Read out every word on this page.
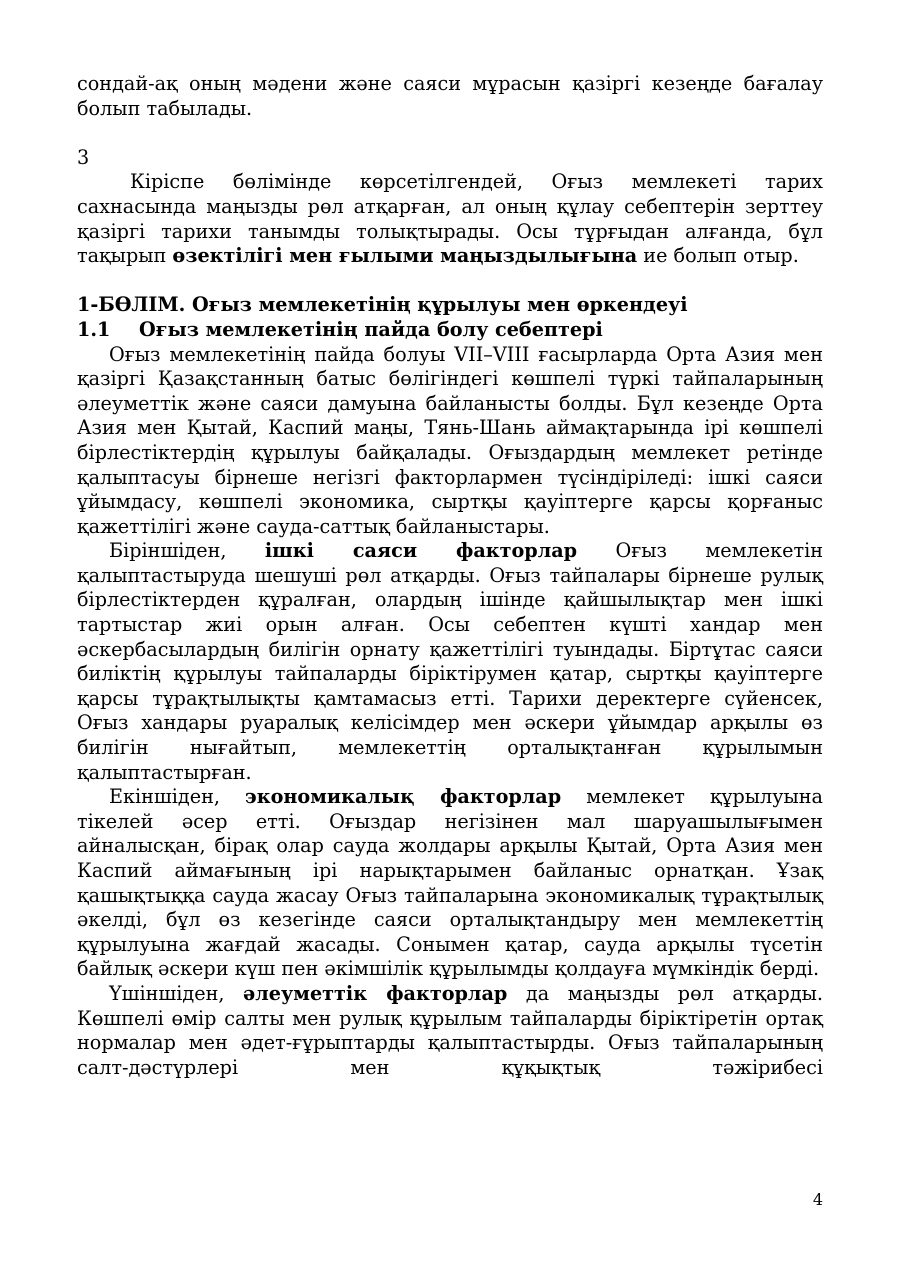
сондай-ақ оның мәдени және саяси мұрасын қазіргі кезеңде бағалау болып табылады.

3

Кіріспе бөлімінде көрсетілгендей, Оғыз мемлекеті тарих сахнасында маңызды рөл атқарған, ал оның құлау себептерін зерттеу қазіргі тарихи танымды толықтырады. Осы тұрғыдан алғанда, бұл тақырып өзектілігі мен ғылыми маңыздылығына ие болып отыр.

1-БӨЛІМ. Оғыз мемлекетінің құрылуы мен өркендеуі

1.1 Оғыз мемлекетінің пайда болу себептері

Оғыз мемлекетінің пайда болуы VII–VIII ғасырларда Орта Азия мен қазіргі Қазақстанның батыс бөлігіндегі көшпелі түркі тайпаларының әлеуметтік және саяси дамуына байланысты болды. Бұл кезеңде Орта Азия мен Қытай, Каспий маңы, Тянь-Шань аймақтарында ірі көшпелі бірлестіктердің құрылуы байқалады. Оғыздардың мемлекет ретінде қалыптасуы бірнеше негізгі факторлармен түсіндіріледі: ішкі саяси ұйымдасу, көшпелі экономика, сыртқы қауіптерге қарсы қорғаныс қажеттілігі және сауда-саттық байланыстары.

Біріншіден, ішкі саяси факторлар Оғыз мемлекетін қалыптастыруда шешуші рөл атқарды. Оғыз тайпалары бірнеше рулық бірлестіктерден құралған, олардың ішінде қайшылықтар мен ішкі тартыстар жиі орын алған. Осы себептен күшті хандар мен әскербасылардың билігін орнату қажеттілігі туындады. Біртұтас саяси биліктің құрылуы тайпаларды біріктірумен қатар, сыртқы қауіптерге қарсы тұрақтылықты қамтамасыз етті. Тарихи деректерге сүйенсек, Оғыз хандары руаралық келісімдер мен әскери ұйымдар арқылы өз билігін нығайтып, мемлекеттің орталықтанған құрылымын қалыптастырған.

Екіншіден, экономикалық факторлар мемлекет құрылуына тікелей әсер етті. Оғыздар негізінен мал шаруашылығымен айналысқан, бірақ олар сауда жолдары арқылы Қытай, Орта Азия мен Каспий аймағының ірі нарықтарымен байланыс орнатқан. Ұзақ қашықтыққа сауда жасау Оғыз тайпаларына экономикалық тұрақтылық әкелді, бұл өз кезегінде саяси орталықтандыру мен мемлекеттің құрылуына жағдай жасады. Сонымен қатар, сауда арқылы түсетін байлық әскери күш пен әкімшілік құрылымды қолдауға мүмкіндік берді.

Үшіншіден, әлеуметтік факторлар да маңызды рөл атқарды. Көшпелі өмір салты мен рулық құрылым тайпаларды біріктіретін ортақ нормалар мен әдет-ғұрыптарды қалыптастырды. Оғыз тайпаларының салт-дәстүрлері мен құқықтық тәжірибесі

4
